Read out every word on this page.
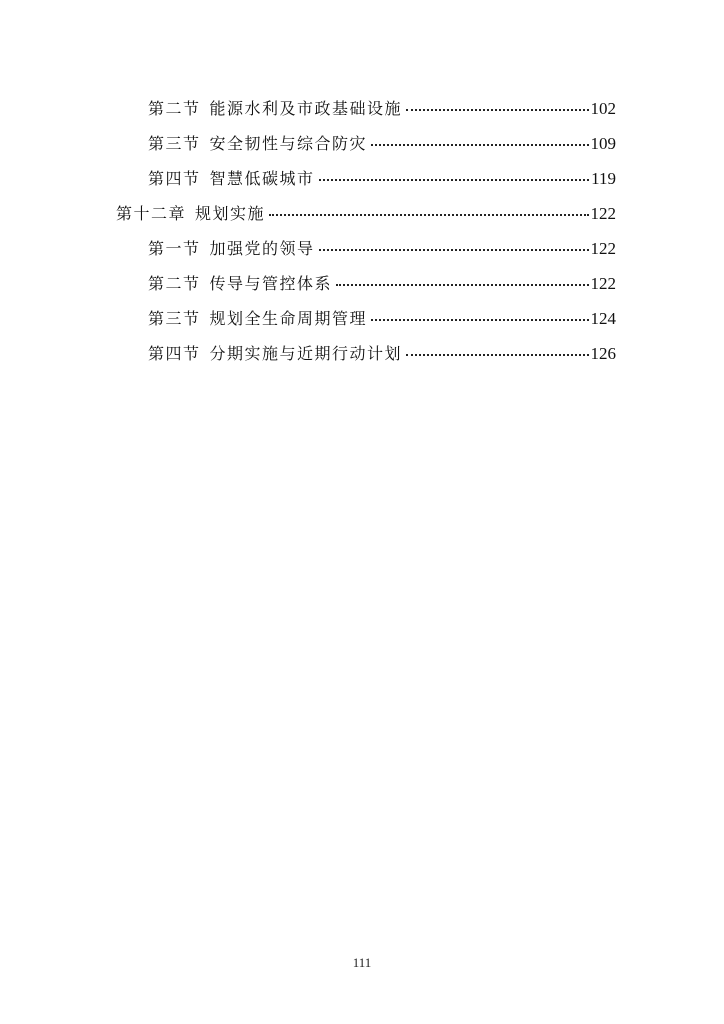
第二节 能源水利及市政基础设施	102
第三节 安全韧性与综合防灾	109
第四节 智慧低碳城市	119
第十二章 规划实施	122
第一节 加强党的领导	122
第二节 传导与管控体系	122
第三节 规划全生命周期管理	124
第四节 分期实施与近期行动计划	126
111
